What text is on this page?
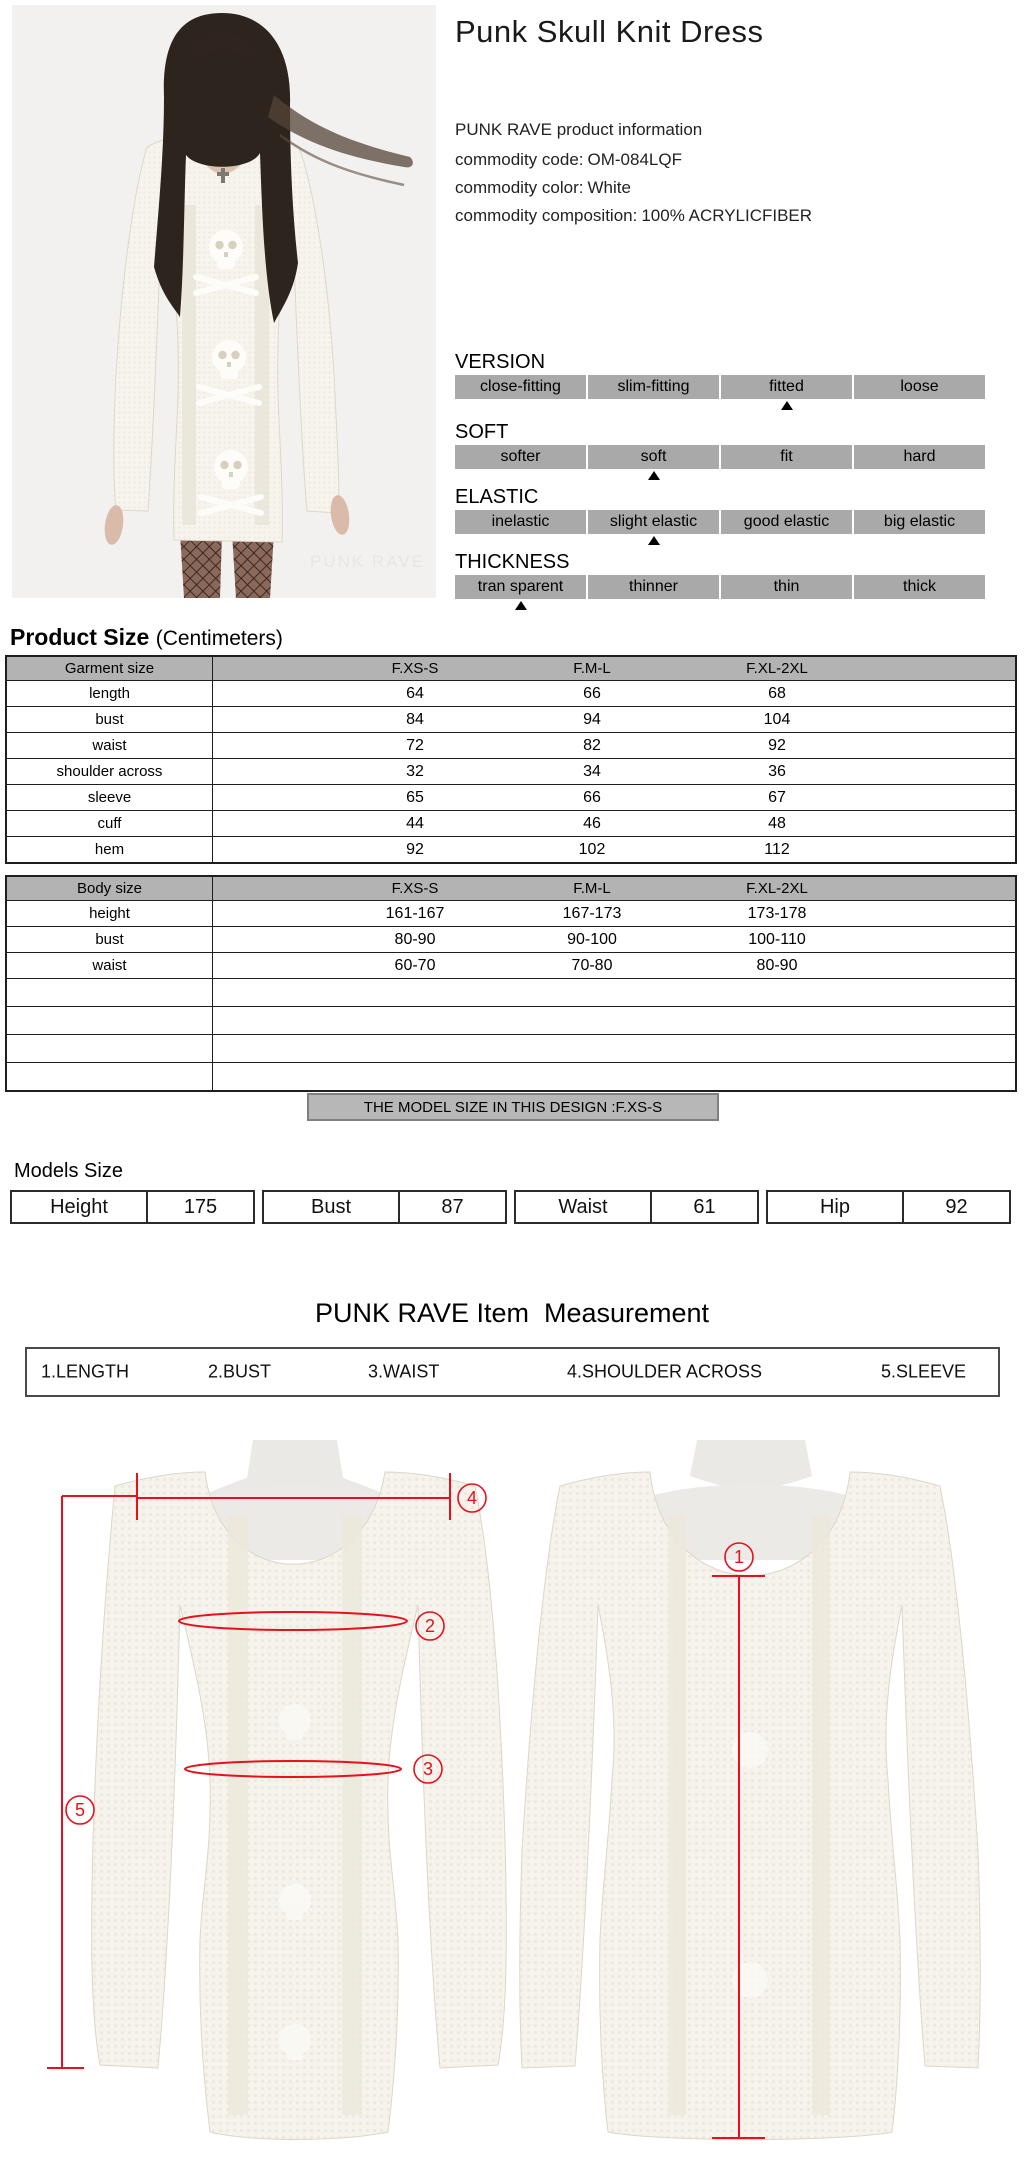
PUNK RAVE
Punk Skull Knit Dress
PUNK RAVE product information
commodity code: OM-084LQF
commodity color: White
commodity composition: 100% ACRYLICFIBER
VERSION
close-fitting	slim-fitting	fitted	loose
SOFT
softer	soft	fit	hard
ELASTIC
inelastic	slight elastic	good elastic	big elastic
THICKNESS
tran sparent	thinner	thin	thick
Product Size (Centimeters)
Garment size	F.XS-S	F.M-L	F.XL-2XL
length	64	66	68
bust	84	94	104
waist	72	82	92
shoulder across	32	34	36
sleeve	65	66	67
cuff	44	46	48
hem	92	102	112
Body size	F.XS-S	F.M-L	F.XL-2XL
height	161-167	167-173	173-178
bust	80-90	90-100	100-110
waist	60-70	70-80	80-90
THE MODEL SIZE IN THIS DESIGN :F.XS-S
Models Size
Height	175	Bust	87	Waist	61	Hip	92
PUNK RAVE Item  Measurement
1.LENGTH	2.BUST	3.WAIST	4.SHOULDER ACROSS	5.SLEEVE
4
2
3
5
1
